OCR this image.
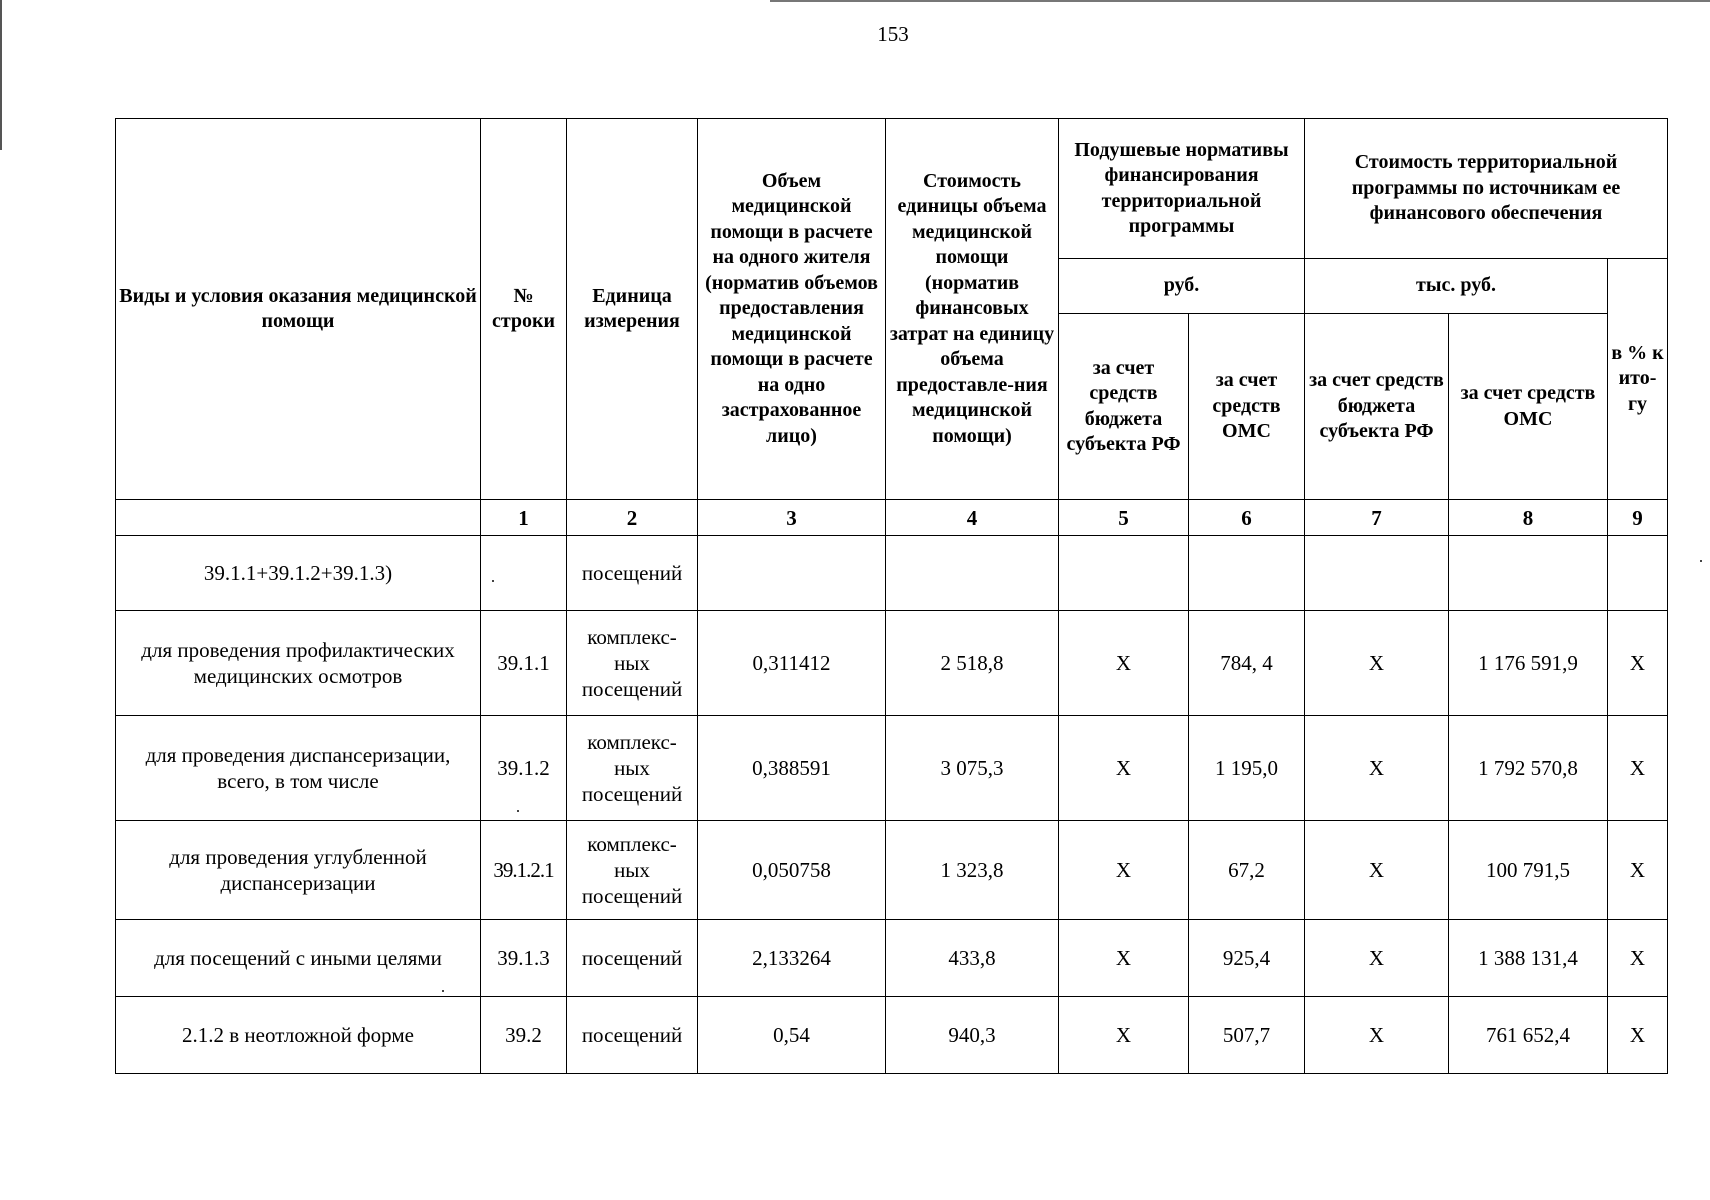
153
Виды и условия оказания медицинской помощи	№ строки	Единица измерения	Объем медицинской помощи в расчете на одного жителя (норматив объемов предоставления медицинской помощи в расчете на одно застрахованное лицо)	Стоимость единицы объема медицинской помощи (норматив финансовых затрат на единицу объема предоставле-ния медицинской помощи)	Подушевые нормативы финансирования территориальной программы		Стоимость территориальной программы по источникам ее финансового обеспечения		
					руб.		тыс. руб.		в % к ито-гу
					за счет средств бюджета субъекта РФ	за счет средств ОМС	за счет средств бюджета субъекта РФ	за счет средств ОМС	
	1	2	3	4	5	6	7	8	9
39.1.1+39.1.2+39.1.3)		посещений							
для проведения профилактических медицинских осмотров	39.1.1	комплекс-ных посещений	0,311412	2 518,8	X	784, 4	X	1 176 591,9	X
для проведения диспансеризации, всего, в том числе	39.1.2	комплекс-ных посещений	0,388591	3 075,3	X	1 195,0	X	1 792 570,8	X
для проведения углубленной диспансеризации	39.1.2.1	комплекс-ных посещений	0,050758	1 323,8	X	67,2	X	100 791,5	X
для посещений с иными целями	39.1.3	посещений	2,133264	433,8	X	925,4	X	1 388 131,4	X
2.1.2 в неотложной форме	39.2	посещений	0,54	940,3	X	507,7	X	761 652,4	X
